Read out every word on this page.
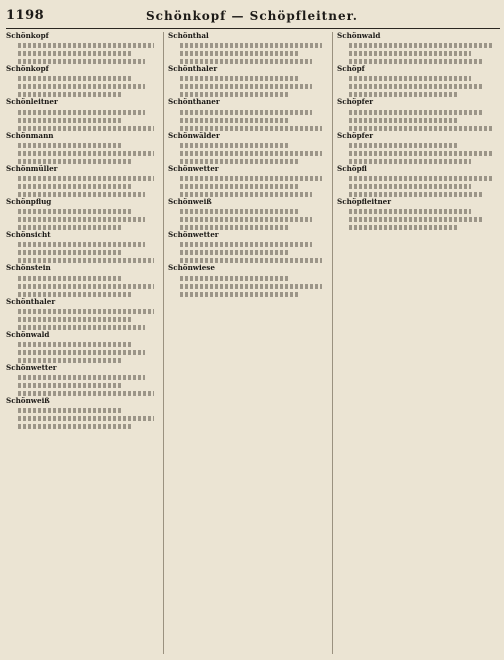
1198	Schönkopf — Schöpfleitner.
Schönkopf
Schönkopf
Schönleitner
Schönmann
Schönmüller
Schönpflug
Schönsicht
Schönstein
Schönthaler
Schönwald
Schönwetter
Schönweiß
Schönthal
Schönthaler
Schönthaner
Schönwälder
Schönwetter
Schönweiß
Schönwetter
Schönwiese
Schönwald
Schöpf
Schöpfer
Schöpfer
Schöpfl
Schöpfleitner
